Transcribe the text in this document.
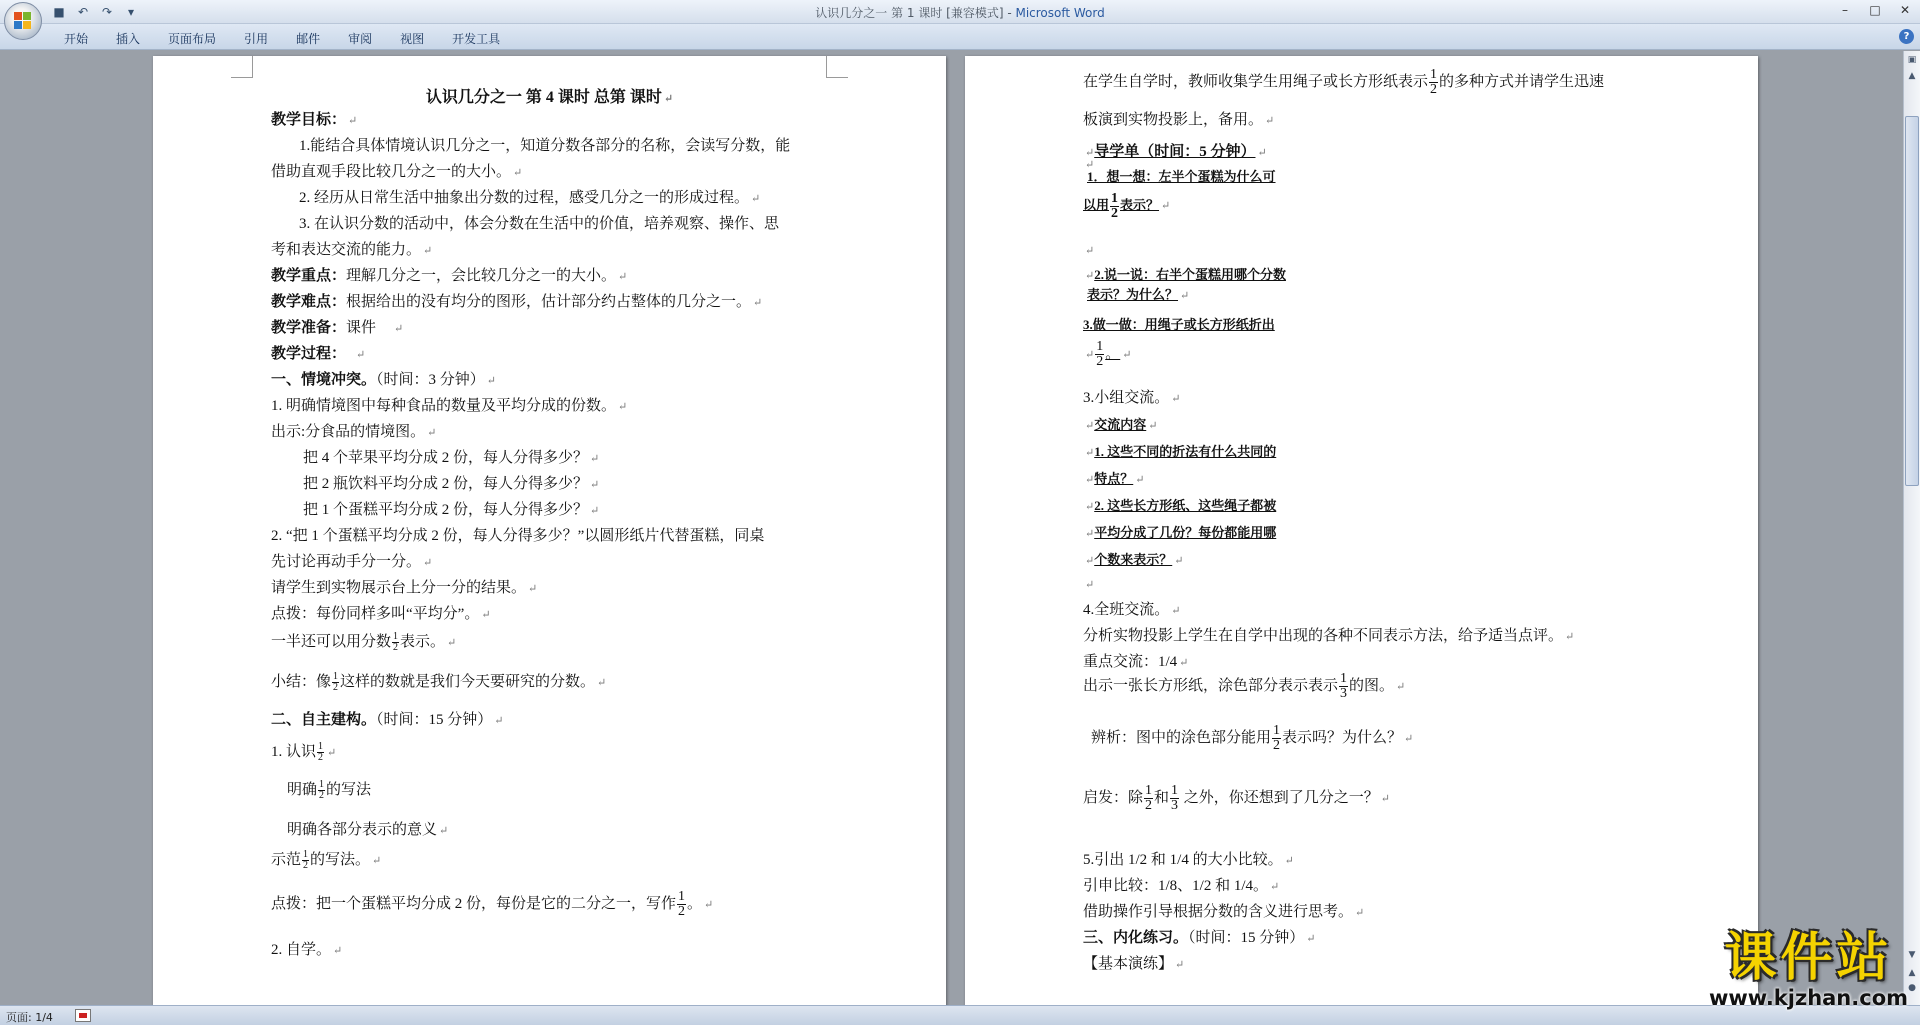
■	↶	↷	▾	认识几分之一 第 1 课时 [兼容模式] - Microsoft Word	–	□	✕
开始	插入	页面布局	引用	邮件	审阅	视图	开发工具	?
认识几分之一 第 4 课时 总第 课时 ↵
教学目标： ↵
1.能结合具体情境认识几分之一，知道分数各部分的名称，会读写分数，能
借助直观手段比较几分之一的大小。 ↵
2. 经历从日常生活中抽象出分数的过程，感受几分之一的形成过程。 ↵
3. 在认识分数的活动中，体会分数在生活中的价值，培养观察、操作、思
考和表达交流的能力。 ↵
教学重点：理解几分之一，会比较几分之一的大小。 ↵
教学难点：根据给出的没有均分的图形，估计部分约占整体的几分之一。 ↵
教学准备：课件 ↵
教学过程： ↵
一、情境冲突。（时间：3 分钟） ↵
1. 明确情境图中每种食品的数量及平均分成的份数。 ↵
出示:分食品的情境图。 ↵
把 4 个苹果平均分成 2 份，每人分得多少？ ↵
把 2 瓶饮料平均分成 2 份，每人分得多少？ ↵
把 1 个蛋糕平均分成 2 份，每人分得多少？ ↵
2. “把 1 个蛋糕平均分成 2 份，每人分得多少？”以圆形纸片代替蛋糕，同桌
先讨论再动手分一分。 ↵
请学生到实物展示台上分一分的结果。 ↵
点拨：每份同样多叫“平均分”。 ↵
一半还可以用分数 $\frac{1}{2}$ 表示。 ↵
小结：像 $\frac{1}{2}$ 这样的数就是我们今天要研究的分数。 ↵
二、自主建构。（时间：15 分钟） ↵
1. 认识 $\frac{1}{2}$ ↵
明确 $\frac{1}{2}$ 的写法
明确各部分表示的意义 ↵
示范 $\frac{1}{2}$ 的写法。 ↵
点拨：把一个蛋糕平均分成 2 份，每份是它的二分之一，写作 $\frac{1}{2}$ 。 ↵
2. 自学。 ↵
在学生自学时，教师收集学生用绳子或长方形纸表示 $\frac{1}{2}$ 的多种方式并请学生迅速
板演到实物投影上，备用。 ↵
↵导学单（时间：5 分钟） ↵
↵
1．想一想：左半个蛋糕为什么可
以用 $\frac{1}{2}$ 表示？ ↵
↵
↵2.说一说：右半个蛋糕用哪个分数
表示？为什么？ ↵
3.做一做：用绳子或长方形纸折出
↵ $\frac{1}{2}$ 。 ↵
3.小组交流。 ↵
↵交流内容 ↵
↵1. 这些不同的折法有什么共同的
↵特点？ ↵
↵2. 这些长方形纸、这些绳子都被
↵平均分成了几份？每份都能用哪
↵个数来表示？ ↵
↵
4.全班交流。 ↵
分析实物投影上学生在自学中出现的各种不同表示方法，给予适当点评。 ↵
重点交流：1/4 ↵
出示一张长方形纸，涂色部分表示表示 $\frac{1}{3}$ 的图。 ↵
辨析：图中的涂色部分能用 $\frac{1}{2}$ 表示吗？为什么？ ↵
启发：除 $\frac{1}{2}$ 和 $\frac{1}{3}$ 之外，你还想到了几分之一？ ↵
5.引出 1/2 和 1/4 的大小比较。 ↵
引申比较：1/8、1/2 和 1/4。 ↵
借助操作引导根据分数的含义进行思考。 ↵
三、内化练习。（时间：15 分钟） ↵
【基本演练】 ↵
▣
▲
▼
▲
●
页面: 1/4
课件站
www.kjzhan.com
